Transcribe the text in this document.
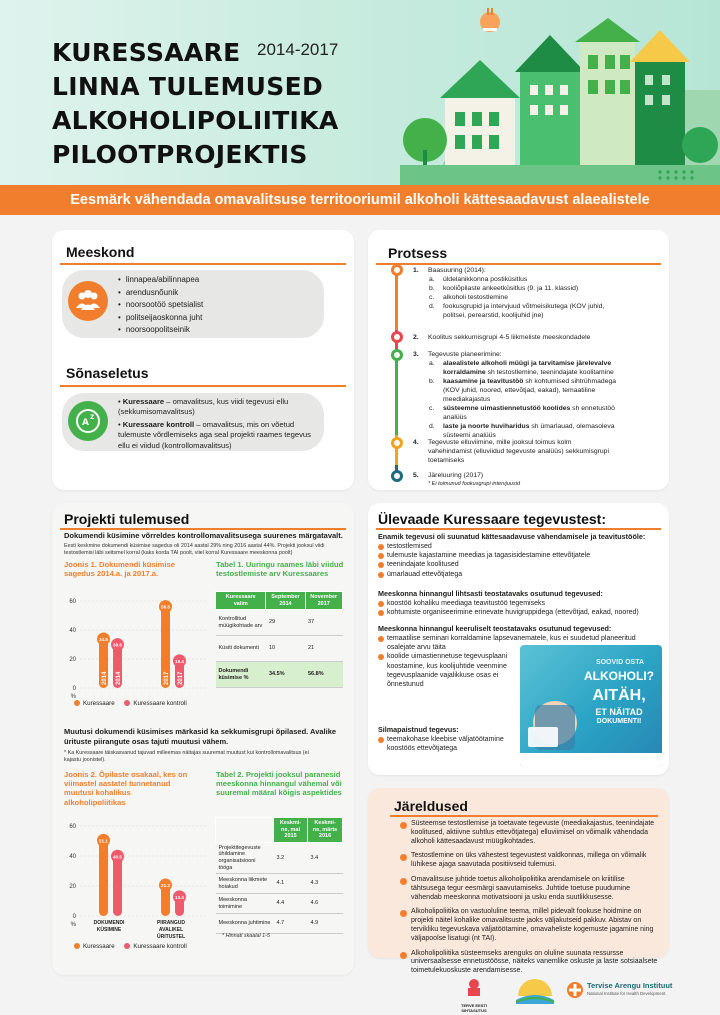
KURESSAARE 2014-2017
LINNA TULEMUSED
ALKOHOLIPOLIITIKA
PILOOTPROJEKTIS
Eesmärk vähendada omavalitsuse territooriumil alkoholi kättesaadavust alaealistele
Meeskond
• linnapea/abilinnapea
• arendusnõunik
• noorsootöö spetsialist
• politseijaoskonna juht
• noorsoopolitseinik
Sõnaseletus
A
Z

• Kuressaare – omavalitsus, kus viidi tegevusi ellu (sekkumisomavalitsus)

• Kuressaare kontroll – omavalitsus, mis on võetud tulemuste võrdlemiseks aga seal projekti raames tegevus ellu ei viidud (kontrollomavalitsus)

Protsess
1. Baasuuring (2014):
a. üldelanikkonna postiküsitlus
b. kooliõpilaste ankeetküsitlus (9. ja 11. klassid)
c. alkoholi testostlemine
d. fookusgrupid ja intervjuud võtmeisikutega (KOV juhid, politsei, perearstid, koolijuhid jne)
2. Koolitus sekkumisgrupi 4-5 liikmeliste meeskondadele
3. Tegevuste planeerimine:
a. alaealistele alkoholi müügi ja tarvitamise järelevalve korraldamine sh testostlemine, teenindajate koolitamine
b. kaasamine ja teavitustöö sh kohtumised sihtrühmadega (KOV juhid, noored, ettevõtjad, eakad), temaatiline meediakajastus
c. süsteemne uimastiennetustöö koolides sh ennetustöö analüüs
d. laste ja noorte huviharidus sh ümarlauad, olemasoleva süsteemi analüüs
4. Tegevuste elluviimine, mille jooksul toimus kolm vahehindamist (elluviidud tegevuste analüüs) sekkumisgrupi toetamiseks
5. Järeluuring (2017)
* Ei toimunud fookusgrupi intervjuusid
Projekti tulemused
Dokumendi küsimine võrreldes kontrollomavalitsusega suurenes märgatavalt.
Eesti keskmine dokumendi küsimise sagedus oli 2014 aastal 29% ning 2016 aastal 44%. Projekti jooksul viidi testostlemisi läbi seitsmel korral (kaks korda TAI poolt, viiel korral Kuressaare meeskonna poolt)
Joonis 1. Dokumendi küsimise sagedus 2014.a. ja 2017.a.
Tabel 1. Uuringu raames läbi viidud testostlemiste arv Kuressaares
0
20
40
60
%
34.5
2014
30.6
2014
56.8
2017
19.4
2017
Kuressaare	Kuressaare kontroll
Kuressaare valim	September 2014	November 2017
Kontrollitud müügikohtade arv	29	37
Küsiti dokumenti	10	21
Dokumendi küsimise %	34.5%	56.8%
Muutusi dokumendi küsimises märkasid ka sekkumisgrupi õpilased. Avalike ürituste piirangute osas tajuti muutusi vähem.
* Ka Kuressaare täiskasvanud tajuvad milleemas näitajas suuremat muutust kui kontrollomavalitsus (ei kajastu joonistel).
Joonis 2. Õpilaste osakaal, kes on viimastel aastatel tunnetanud muutusi kohalikus alkoholipoliitikas
Tabel 2. Projekti jooksul paranesid meeskonna hinnangul vähemal või suuremal määral kõigis aspektides
0
20
40
60
%
51.1
40.5
DOKUMENDI
KÜSIMINE
21.3
13.4
PIIRANGUD
AVALIKEL
ÜRITUSTEL
Kuressaare	Kuressaare kontroll
	Keskmi- ne, mai 2015	Keskmi- ne, märts 2016
Projektitegevuste ühildamine organisatsiooni tööga	3.2	3.4
Meeskonna liikmete hoiakud	4.1	4.3
Meeskonna toimimine	4.4	4.6
Meeskonna juhtimine	4.7	4.9
* Hinnati skaalal 1-5
Ülevaade Kuressaare tegevustest:
Enamik tegevusi oli suunatud kättesaadavuse vähendamisele ja teavitustööle:
testostlemised
tulemuste kajastamine meedias ja tagasisidestamine ettevõtjatele
teenindajate koolitused
ümarlauad ettevõtjatega
Meeskonna hinnangul lihtsasti teostatavaks osutunud tegevused:
koostöö kohaliku meediaga teavitustöö tegemiseks
kohtumiste organiseerimine erinevate huvigruppidega (ettevõtjad, eakad, noored)
Meeskonna hinnangul keeruliselt teostatavaks osutunud tegevused:
temaatilise seminari korraldamine lapsevanematele, kus ei suudetud planeeritud osalejate arvu täita
koolide uimastiennetuse tegevusplaani koostamine, kus koolijuhtide veenmine tegevusplaanide vajalikkuse osas ei õnnestunud
Silmapaistnud tegevus:
teemakohase kleebise väljatöötamine koostöös ettevõtjatega
SOOVID OSTA
ALKOHOLI?
AITÄH,
ET NÄITAD
DOKUMENTI!
Järeldused
Süsteemse testostlemise ja toetavate tegevuste (meediakajastus, teenindajate koolitused, aktiivne suhtlus ettevõtjatega) elluviimisel on võimalik vähendada alkoholi kättesaadavust müügikohtades.
Testostlemine on üks vähestest tegevustest valdkonnas, millega on võimalik lühikese ajaga saavutada positiivseid tulemusi.
Omavalitsuse juhtide toetus alkoholipoliitika arendamisele on kriitilise tähtsusega tegur eesmärgi saavutamiseks. Juhtide toetuse puudumine vähendab meeskonna motivatsiooni ja usku enda suutlikkusesse.
Alkoholipoliitika on vastuoluline teema, millel pidevalt fookuse hoidmine on projekti näitel kohalike omavalitsuste jaoks väljakutseid pakkuv. Abistav on tervikliku tegevuskava väljatöötamine, omavaheliste kogemuste jagamine ning väljapoolse lisatugi (nt TAI).
Alkoholipoliitika süsteemseks arenguks on oluline suunata ressursse universaalsesse ennetustöösse, näiteks vanemlike oskuste ja laste sotsiaalsete toimetulekuoskuste arendamisesse.
TERVE EESTI SIHTASUTUS
Tervise Arengu Instituut
National Institute for Health Development
